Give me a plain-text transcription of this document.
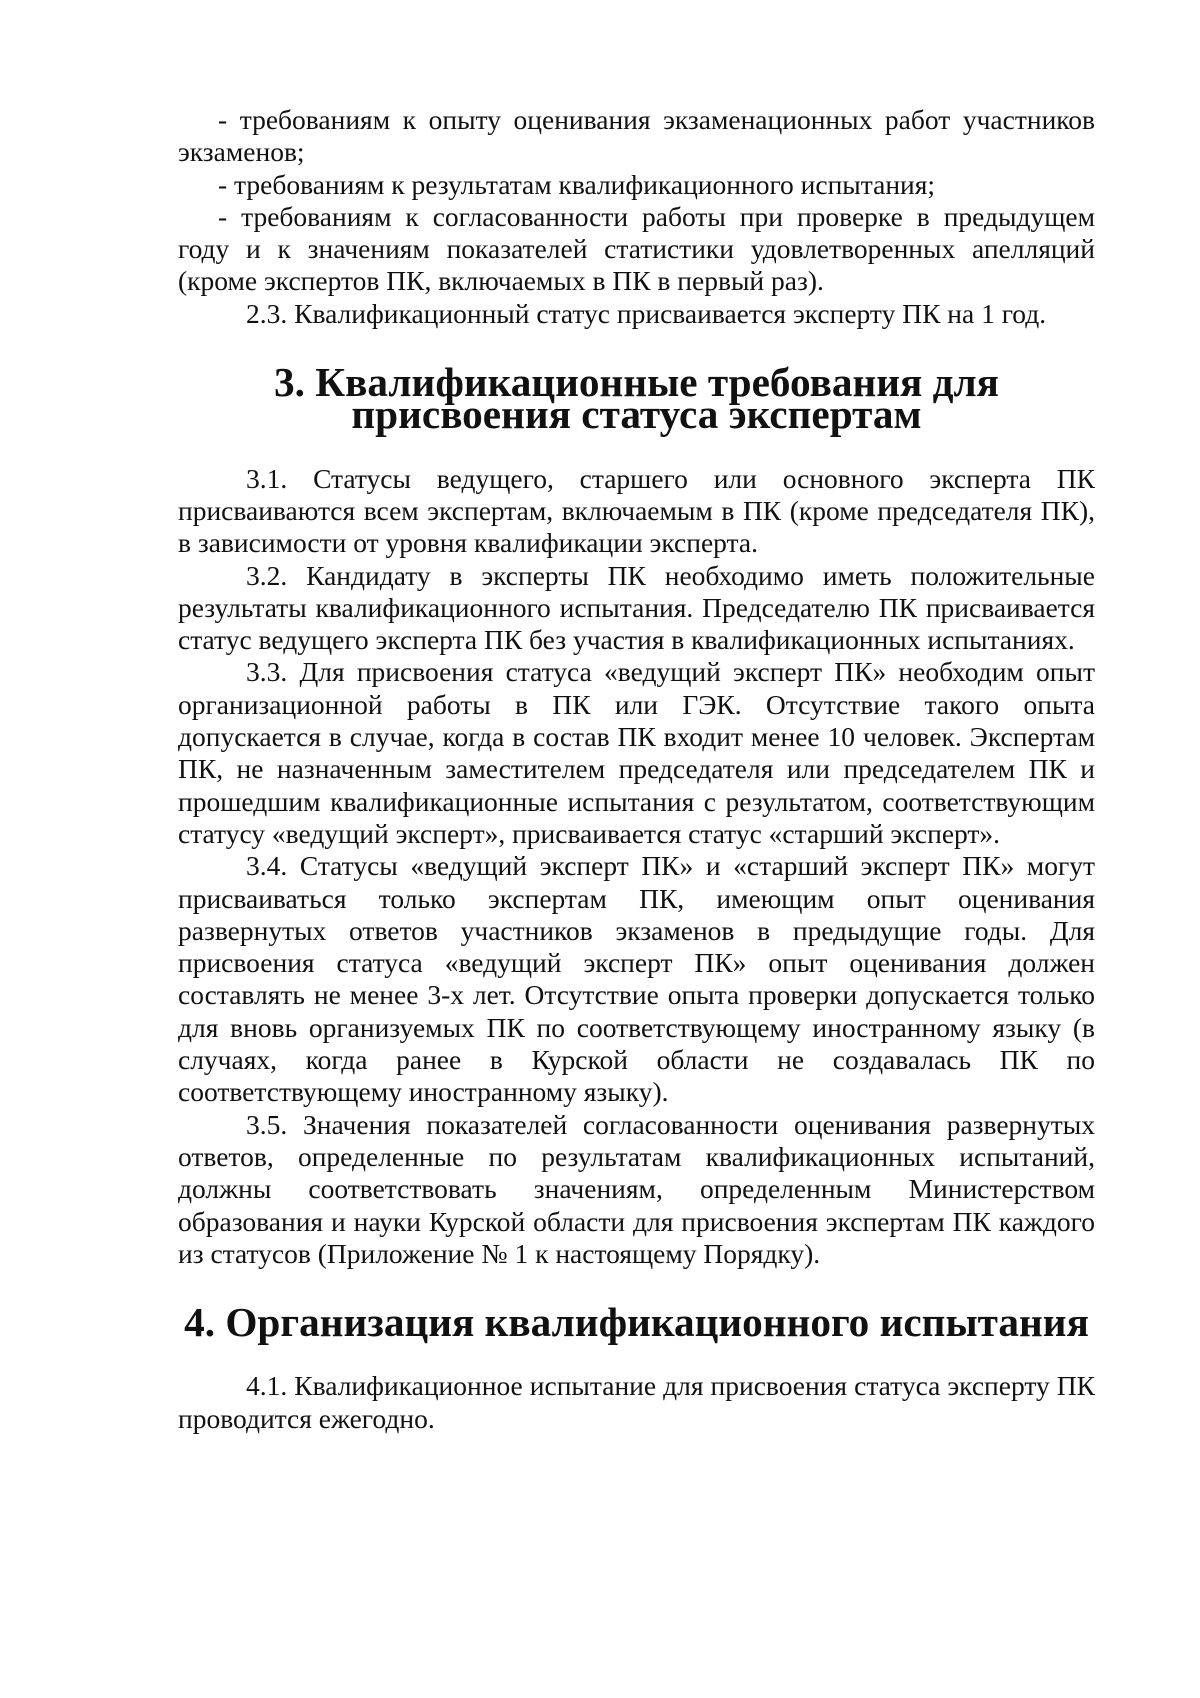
- требованиям к опыту оценивания экзаменационных работ участников экзаменов;

- требованиям к результатам квалификационного испытания;

- требованиям к согласованности работы при проверке в предыдущем году и к значениям показателей статистики удовлетворенных апелляций (кроме экспертов ПК, включаемых в ПК в первый раз).

2.3. Квалификационный статус присваивается эксперту ПК на 1 год.

3. Квалификационные требования для присвоения статуса экспертам

3.1. Статусы ведущего, старшего или основного эксперта ПК присваиваются всем экспертам, включаемым в ПК (кроме председателя ПК), в зависимости от уровня квалификации эксперта.

3.2. Кандидату в эксперты ПК необходимо иметь положительные результаты квалификационного испытания. Председателю ПК присваивается статус ведущего эксперта ПК без участия в квалификационных испытаниях.

3.3. Для присвоения статуса «ведущий эксперт ПК» необходим опыт организационной работы в ПК или ГЭК. Отсутствие такого опыта допускается в случае, когда в состав ПК входит менее 10 человек. Экспертам ПК, не назначенным заместителем председателя или председателем ПК и прошедшим квалификационные испытания с результатом, соответствующим статусу «ведущий эксперт», присваивается статус «старший эксперт».

3.4. Статусы «ведущий эксперт ПК» и «старший эксперт ПК» могут присваиваться только экспертам ПК, имеющим опыт оценивания развернутых ответов участников экзаменов в предыдущие годы. Для присвоения статуса «ведущий эксперт ПК» опыт оценивания должен составлять не менее 3-х лет. Отсутствие опыта проверки допускается только для вновь организуемых ПК по соответствующему иностранному языку (в случаях, когда ранее в Курской области не создавалась ПК по соответствующему иностранному языку).

3.5. Значения показателей согласованности оценивания развернутых ответов, определенные по результатам квалификационных испытаний, должны соответствовать значениям, определенным Министерством образования и науки Курской области для присвоения экспертам ПК каждого из статусов (Приложение № 1 к настоящему Порядку).

4. Организация квалификационного испытания

4.1. Квалификационное испытание для присвоения статуса эксперту ПК проводится ежегодно.
